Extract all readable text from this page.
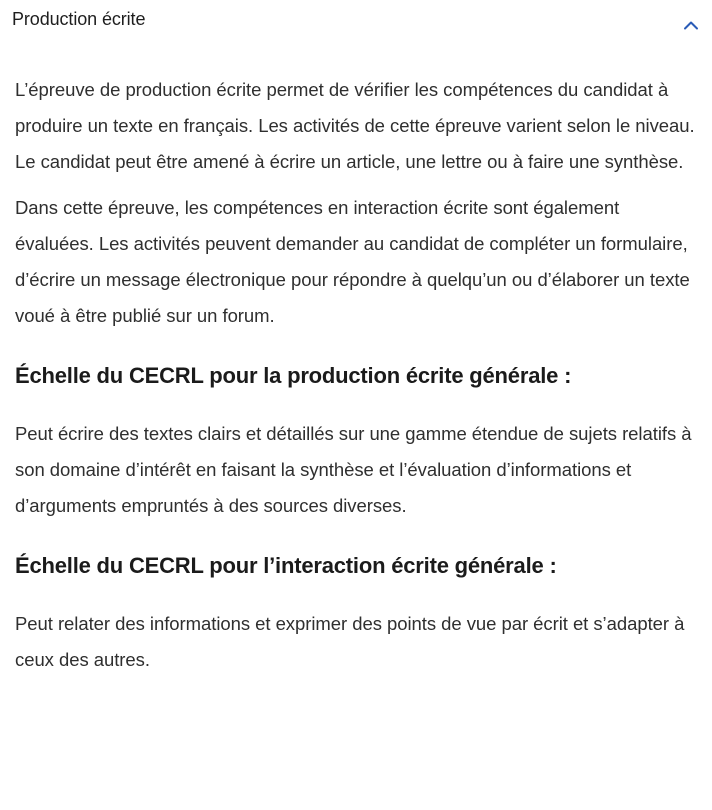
Production écrite

L’épreuve de production écrite permet de vérifier les compétences du candidat à produire un texte en français. Les activités de cette épreuve varient selon le niveau. Le candidat peut être amené à écrire un article, une lettre ou à faire une synthèse.

Dans cette épreuve, les compétences en interaction écrite sont également évaluées. Les activités peuvent demander au candidat de compléter un formulaire, d’écrire un message électronique pour répondre à quelqu’un ou d’élaborer un texte voué à être publié sur un forum.

Échelle du CECRL pour la production écrite générale :

Peut écrire des textes clairs et détaillés sur une gamme étendue de sujets relatifs à son domaine d’intérêt en faisant la synthèse et l’évaluation d’informations et d’arguments empruntés à des sources diverses.

Échelle du CECRL pour l’interaction écrite générale :

Peut relater des informations et exprimer des points de vue par écrit et s’adapter à ceux des autres.
